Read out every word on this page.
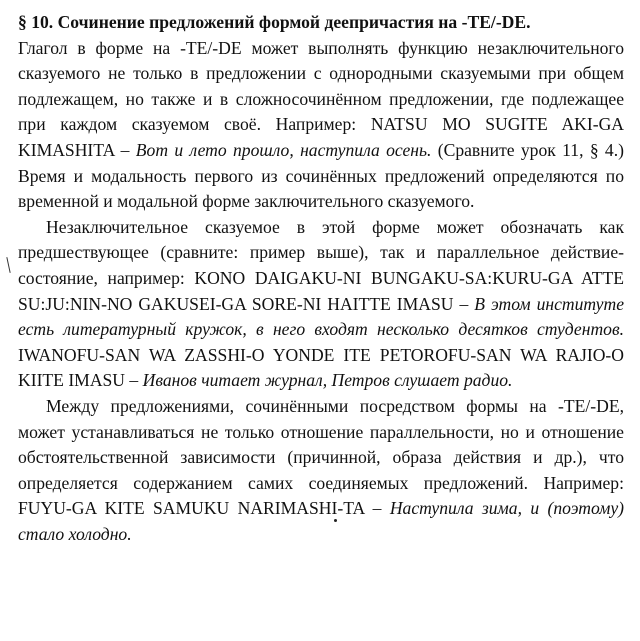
§ 10. Сочинение предложений формой деепричастия на -TE/-DE.

Глагол в форме на -TE/-DE может выполнять функцию незаключительного сказуемого не только в предложении с однородными сказуемыми при общем подлежащем, но также и в сложносочинённом предложении, где подлежащее при каждом сказуемом своё. Например: NATSU MO SUGITE AKI-GA KIMASHITA – Вот и лето прошло, наступила осень. (Сравните урок 11, § 4.) Время и модальность первого из сочинённых предложений определяются по временной и модальной форме заключительного сказуемого.

Незаключительное сказуемое в этой форме может обозначать как предшествующее (сравните: пример выше), так и параллельное действие-состояние, например: KONO DAIGAKU-NI BUNGAKU-SA:KURU-GA ATTE SU:JU:NIN-NO GAKUSEI-GA SORE-NI HAITTE IMASU – В этом институте есть литературный кружок, в него входят несколько десятков студентов. IWANOFU-SAN WA ZASSHI-O YONDE ITE PETOROFU-SAN WA RAJIO-O KIITE IMASU – Иванов читает журнал, Петров слушает радио.

Между предложениями, сочинёнными посредством формы на -TE/-DE, может устанавливаться не только отношение параллельности, но и отношение обстоятельственной зависимости (причинной, образа действия и др.), что определяется содержанием самих соединяемых предложений. Например: FUYU-GA KITE SAMUKU NARIMASHI-TA – Наступила зима, и (поэтому) стало холодно.
